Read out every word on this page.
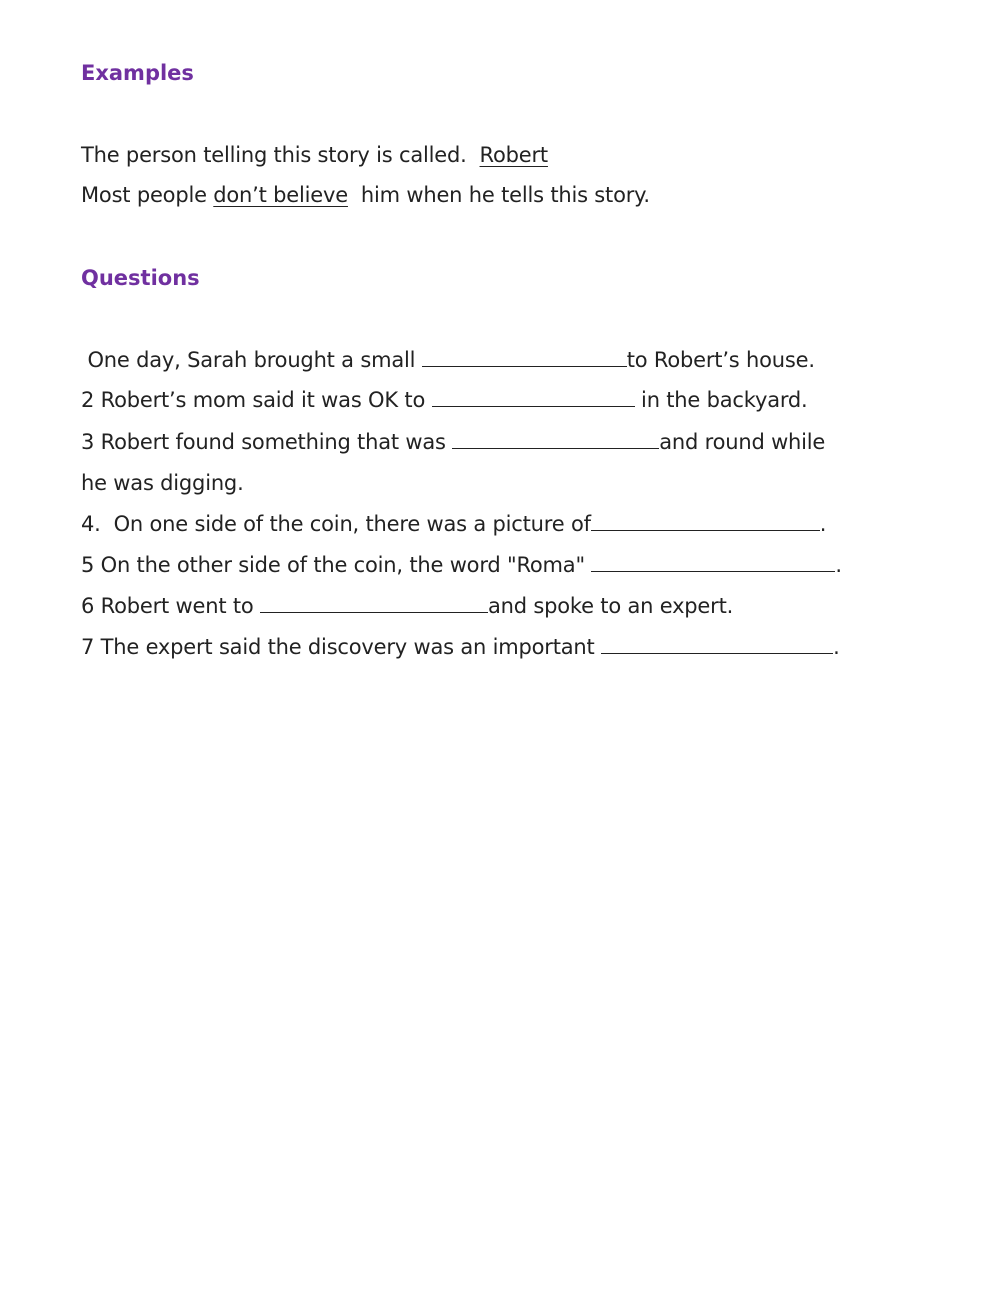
Examples
The person telling this story is called.  Robert
Most people don’t believe  him when he tells this story.
Questions
One day, Sarah brought a small	to Robert’s house.
2 Robert’s mom said it was OK to	in the backyard.
3 Robert found something that was	and round while
he was digging.
4.  On one side of the coin, there was a picture of	.
5 On the other side of the coin, the word "Roma"	.
6 Robert went to	and spoke to an expert.
7 The expert said the discovery was an important	.
